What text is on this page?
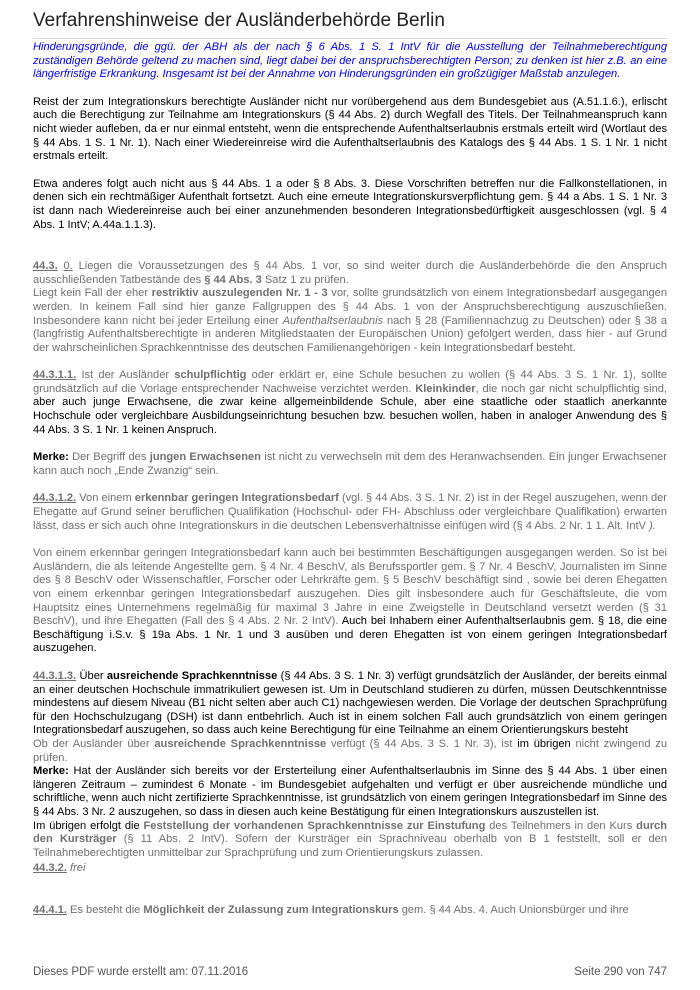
Verfahrenshinweise der Ausländerbehörde Berlin

Hinderungsgründe, die ggü. der ABH als der nach § 6 Abs. 1 S. 1 IntV für die Ausstellung der Teilnahmeberechtigung zuständigen Behörde geltend zu machen sind, liegt dabei bei der anspruchsberechtigten Person; zu denken ist hier z.B. an eine längerfristige Erkrankung. Insgesamt ist bei der Annahme von Hinderungsgründen ein großzügiger Maßstab anzulegen.

Reist der zum Integrationskurs berechtigte Ausländer nicht nur vorübergehend aus dem Bundesgebiet aus (A.51.1.6.), erlischt auch die Berechtigung zur Teilnahme am Integrationskurs (§ 44 Abs. 2) durch Wegfall des Titels. Der Teilnahmeanspruch kann nicht wieder aufleben, da er nur einmal entsteht, wenn die entsprechende Aufenthaltserlaubnis erstmals erteilt wird (Wortlaut des § 44 Abs. 1 S. 1 Nr. 1). Nach einer Wiedereinreise wird die Aufenthaltserlaubnis des Katalogs des § 44 Abs. 1 S. 1 Nr. 1 nicht erstmals erteilt.

Etwa anderes folgt auch nicht aus § 44 Abs. 1 a oder § 8 Abs. 3. Diese Vorschriften betreffen nur die Fallkonstellationen, in denen sich ein rechtmäßiger Aufenthalt fortsetzt. Auch eine erneute Integrationskursverpflichtung gem. § 44 a Abs. 1 S. 1 Nr. 3 ist dann nach Wiedereinreise auch bei einer anzunehmenden besonderen Integrationsbedürftigkeit ausgeschlossen (vgl. § 4 Abs. 1 IntV; A.44a.1.1.3).

44.3. 0. Liegen die Voraussetzungen des § 44 Abs. 1 vor, so sind weiter durch die Ausländerbehörde die den Anspruch ausschließenden Tatbestände des § 44 Abs. 3 Satz 1 zu prüfen.
Liegt kein Fall der eher restriktiv auszulegenden Nr. 1 - 3 vor, sollte grundsätzlich von einem Integrationsbedarf ausgegangen werden. In keinem Fall sind hier ganze Fallgruppen des § 44 Abs. 1 von der Anspruchsberechtigung auszuschließen. Insbesondere kann nicht bei jeder Erteilung einer Aufenthaltserlaubnis nach § 28 (Familiennachzug zu Deutschen) oder § 38 a (langfristig Aufenthaltsberechtigte in anderen Mitgliedstaaten der Europäischen Union) gefolgert werden, dass hier - auf Grund der wahrscheinlichen Sprachkenntnisse des deutschen Familienangehörigen - kein Integrationsbedarf besteht.

44.3.1.1. Ist der Ausländer schulpflichtig oder erklärt er, eine Schule besuchen zu wollen (§ 44 Abs. 3 S. 1 Nr. 1), sollte grundsätzlich auf die Vorlage entsprechender Nachweise verzichtet werden. Kleinkinder, die noch gar nicht schulpflichtig sind, aber auch junge Erwachsene, die zwar keine allgemeinbildende Schule, aber eine staatliche oder staatlich anerkannte Hochschule oder vergleichbare Ausbildungseinrichtung besuchen bzw. besuchen wollen, haben in analoger Anwendung des § 44 Abs. 3 S. 1 Nr. 1 keinen Anspruch.

Merke: Der Begriff des jungen Erwachsenen ist nicht zu verwechseln mit dem des Heranwachsenden. Ein junger Erwachsener kann auch noch „Ende Zwanzig“ sein.

44.3.1.2. Von einem erkennbar geringen Integrationsbedarf (vgl. § 44 Abs. 3 S. 1 Nr. 2) ist in der Regel auszugehen, wenn der Ehegatte auf Grund seiner beruflichen Qualifikation (Hochschul- oder FH- Abschluss oder vergleichbare Qualifikation) erwarten lässt, dass er sich auch ohne Integrationskurs in die deutschen Lebensverhältnisse einfügen wird (§ 4 Abs. 2 Nr. 1 1. Alt. IntV ).

Von einem erkennbar geringen Integrationsbedarf kann auch bei bestimmten Beschäftigungen ausgegangen werden. So ist bei Ausländern, die als leitende Angestellte gem. § 4 Nr. 4 BeschV, als Berufssportler gem. § 7 Nr. 4 BeschV, Journalisten im Sinne des § 8 BeschV oder Wissenschaftler, Forscher oder Lehrkräfte gem. § 5 BeschV beschäftigt sind , sowie bei deren Ehegatten von einem erkennbar geringen Integrationsbedarf auszugehen. Dies gilt insbesondere auch für Geschäftsleute, die vom Hauptsitz eines Unternehmens regelmäßig für maximal 3 Jahre in eine Zweigstelle in Deutschland versetzt werden (§ 31 BeschV), und ihre Ehegatten (Fall des § 4 Abs. 2 Nr. 2 IntV). Auch bei Inhabern einer Aufenthaltserlaubnis gem. § 18, die eine Beschäftigung i.S.v. § 19a Abs. 1 Nr. 1 und 3 ausüben und deren Ehegatten ist von einem geringen Integrationsbedarf auszugehen.

44.3.1.3. Über ausreichende Sprachkenntnisse (§ 44 Abs. 3 S. 1 Nr. 3) verfügt grundsätzlich der Ausländer, der bereits einmal an einer deutschen Hochschule immatrikuliert gewesen ist. Um in Deutschland studieren zu dürfen, müssen Deutschkenntnisse mindestens auf diesem Niveau (B1 nicht selten aber auch C1) nachgewiesen werden. Die Vorlage der deutschen Sprachprüfung für den Hochschulzugang (DSH) ist dann entbehrlich. Auch ist in einem solchen Fall auch grundsätzlich von einem geringen Integrationsbedarf auszugehen, so dass auch keine Berechtigung für eine Teilnahme an einem Orientierungskurs besteht
Ob der Ausländer über ausreichende Sprachkenntnisse verfügt (§ 44 Abs. 3 S. 1 Nr. 3), ist im übrigen nicht zwingend zu prüfen.
Merke: Hat der Ausländer sich bereits vor der Ersterteilung einer Aufenthaltserlaubnis im Sinne des § 44 Abs. 1 über einen längeren Zeitraum – zumindest 6 Monate - im Bundesgebiet aufgehalten und verfügt er über ausreichende mündliche und schriftliche, wenn auch nicht zertifizierte Sprachkenntnisse, ist grundsätzlich von einem geringen Integrationsbedarf im Sinne des § 44 Abs. 3 Nr. 2 auszugehen, so dass in diesen auch keine Bestätigung für einen Integrationskurs auszustellen ist.
Im übrigen erfolgt die Feststellung der vorhandenen Sprachkenntnisse zur Einstufung des Teilnehmers in den Kurs durch den Kursträger (§ 11 Abs. 2 IntV). Sofern der Kursträger ein Sprachniveau oberhalb von B 1 feststellt, soll er den Teilnahmeberechtigten unmittelbar zur Sprachprüfung und zum Orientierungskurs zulassen.

44.3.2. frei

44.4.1. Es besteht die Möglichkeit der Zulassung zum Integrationskurs gem. § 44 Abs. 4. Auch Unionsbürger und ihre

Dieses PDF wurde erstellt am: 07.11.2016	Seite 290 von 747
